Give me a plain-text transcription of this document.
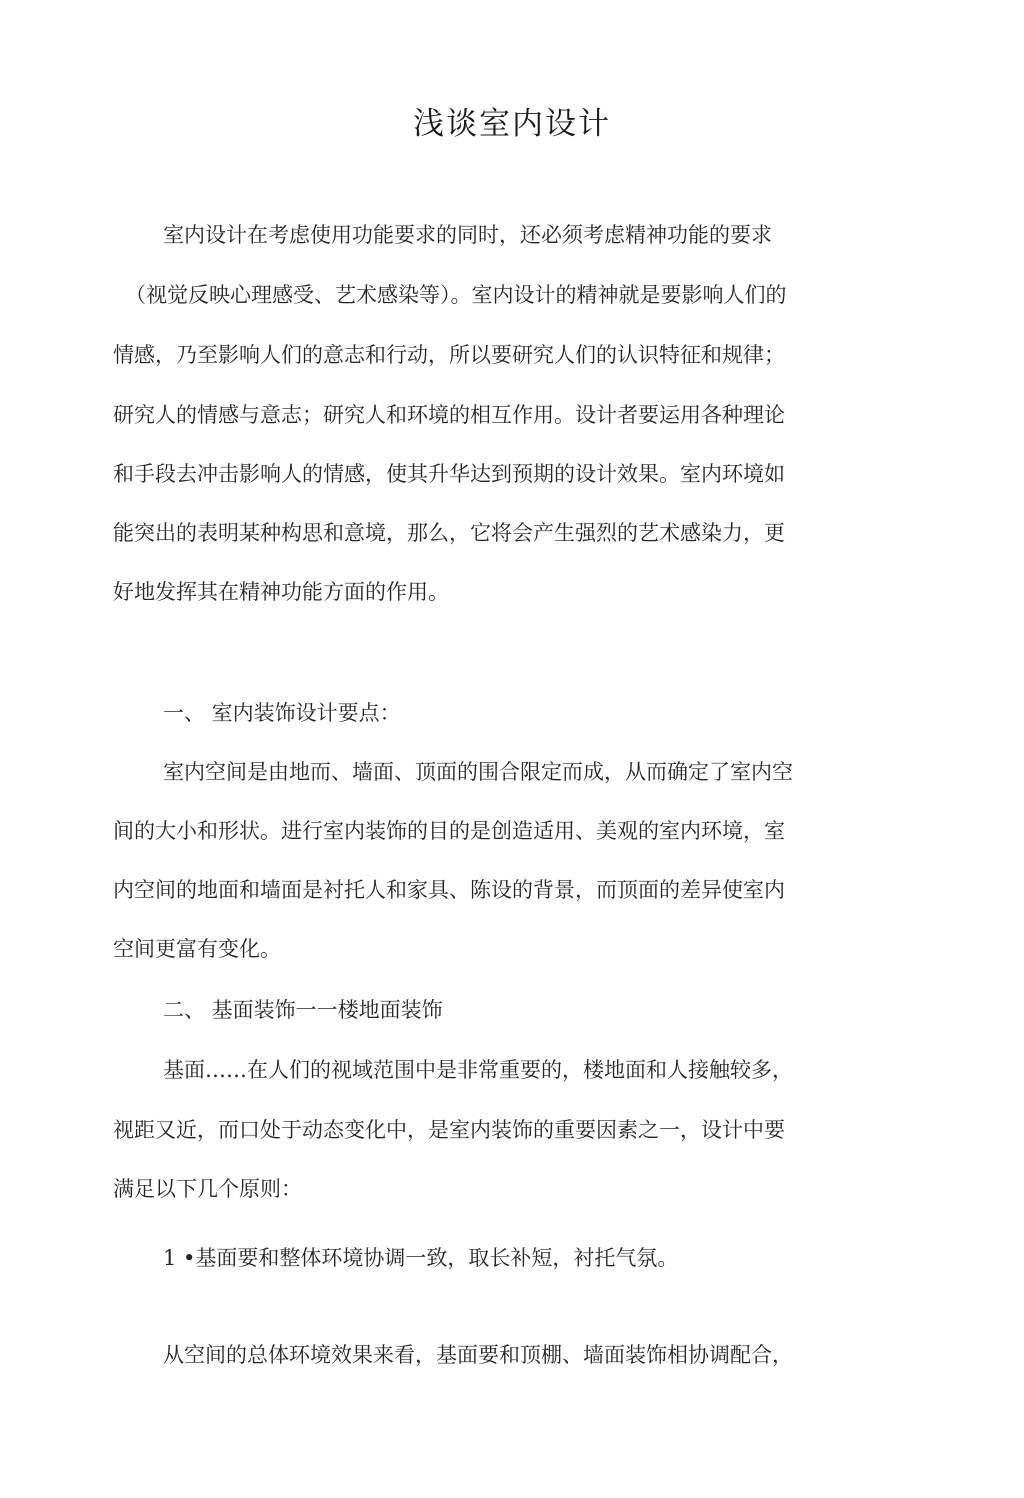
浅谈室内设计
室内设计在考虑使用功能要求的同时，还必须考虑精神功能的要求
（视觉反映心理感受、艺术感染等）。室内设计的精神就是要影响人们的
情感，乃至影响人们的意志和行动，所以要研究人们的认识特征和规律；
研究人的情感与意志；研究人和环境的相互作用。设计者要运用各种理论
和手段去冲击影响人的情感，使其升华达到预期的设计效果。室内环境如
能突出的表明某种构思和意境，那么，它将会产生强烈的艺术感染力，更
好地发挥其在精神功能方面的作用。
一、 室内装饰设计要点：
室内空间是由地而、墙面、顶面的围合限定而成，从而确定了室内空
间的大小和形状。进行室内装饰的目的是创造适用、美观的室内环境，室
内空间的地面和墙面是衬托人和家具、陈设的背景，而顶面的差异使室内
空间更富有变化。
二、 基面装饰一一楼地面装饰
基面……在人们的视域范围中是非常重要的，楼地面和人接触较多，
视距又近，而口处于动态变化中，是室内装饰的重要因素之一，设计中要
满足以下几个原则：
1 •基面要和整体环境协调一致，取长补短，衬托气氛。
从空间的总体环境效果来看，基面要和顶棚、墙面装饰相协调配合，
